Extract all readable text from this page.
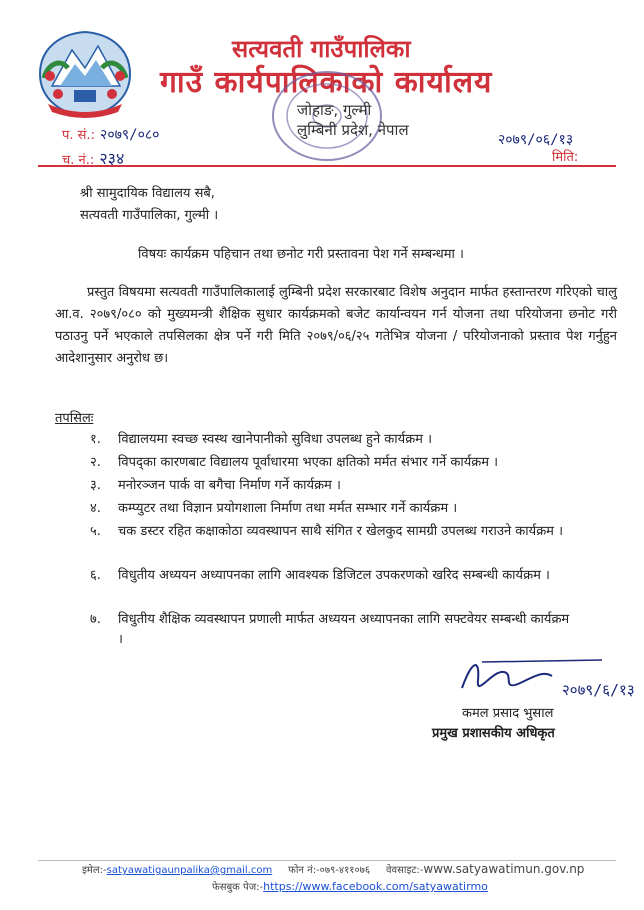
सत्यवती गाउँपालिका
गाउँ कार्यपालिकाको कार्यालय
जोहाङ, गुल्मी
लुम्बिनी प्रदेश, नेपाल
प. सं.: २०७९/०८०
च. नं.: २३४
२०७९/०६/१३
मिति:
श्री सामुदायिक विद्यालय सबै,
सत्यवती गाउँपालिका, गुल्मी ।
विषयः कार्यक्रम पहिचान तथा छनोट गरी प्रस्तावना पेश गर्ने सम्बन्धमा ।
प्रस्तुत विषयमा सत्यवती गाउँपालिकालाई लुम्बिनी प्रदेश सरकारबाट विशेष अनुदान मार्फत हस्तान्तरण गरिएको चालु आ.व. २०७९/०८० को मुख्यमन्त्री शैक्षिक सुधार कार्यक्रमको बजेट कार्यान्वयन गर्न योजना तथा परियोजना छनोट गरी पठाउनु पर्ने भएकाले तपसिलका क्षेत्र पर्ने गरी मिति २०७९/०६/२५ गतेभित्र योजना / परियोजनाको प्रस्ताव पेश गर्नुहुन आदेशानुसार अनुरोध छ।
तपसिलः
१. विद्यालयमा स्वच्छ स्वस्थ खानेपानीको सुविधा उपलब्ध हुने कार्यक्रम ।
२. विपद्का कारणबाट विद्यालय पूर्वाधारमा भएका क्षतिको मर्मत संभार गर्ने कार्यक्रम ।
३. मनोरञ्जन पार्क वा बगैचा निर्माण गर्ने कार्यक्रम ।
४. कम्प्युटर तथा विज्ञान प्रयोगशाला निर्माण तथा मर्मत सम्भार गर्ने कार्यक्रम ।
५.	चक डस्टर रहित कक्षाकोठा व्यवस्थापन साथै संगित र खेलकुद सामग्री उपलब्ध गराउने कार्यक्रम ।
६.	विधुतीय अध्ययन अध्यापनका लागि आवश्यक डिजिटल उपकरणको खरिद सम्बन्धी कार्यक्रम ।
७.	विधुतीय शैक्षिक व्यवस्थापन प्रणाली मार्फत अध्ययन अध्यापनका लागि सफ्टवेयर सम्बन्धी कार्यक्रम ।
२०७९/६/१३
कमल प्रसाद भुसाल
प्रमुख प्रशासकीय अधिकृत
इमेल:-satyawatigaunpalika@gmail.com फोन नं:-०७९-४११०७६ वेवसाइट:-www.satyawatimun.gov.np
फेसबुक पेज:-https://www.facebook.com/satyawatirmo
